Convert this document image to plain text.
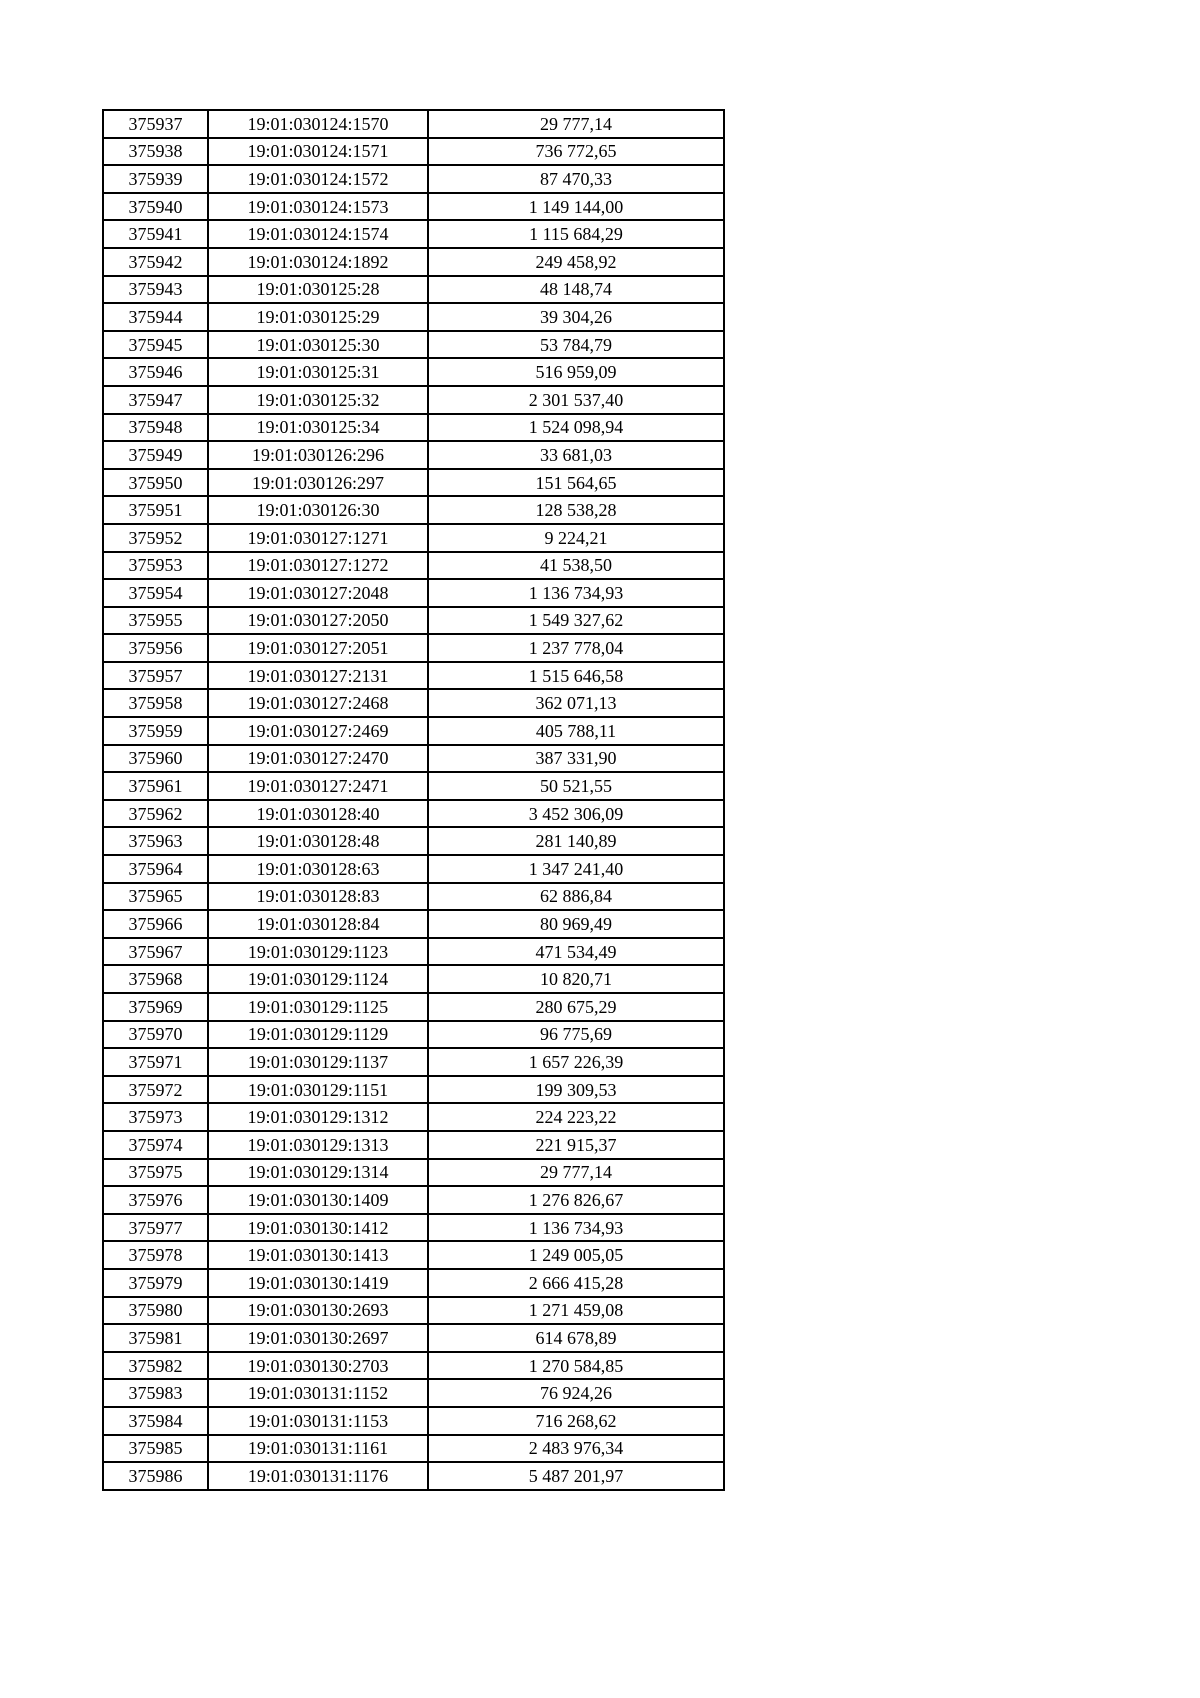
375937	19:01:030124:1570	29 777,14
375938	19:01:030124:1571	736 772,65
375939	19:01:030124:1572	87 470,33
375940	19:01:030124:1573	1 149 144,00
375941	19:01:030124:1574	1 115 684,29
375942	19:01:030124:1892	249 458,92
375943	19:01:030125:28	48 148,74
375944	19:01:030125:29	39 304,26
375945	19:01:030125:30	53 784,79
375946	19:01:030125:31	516 959,09
375947	19:01:030125:32	2 301 537,40
375948	19:01:030125:34	1 524 098,94
375949	19:01:030126:296	33 681,03
375950	19:01:030126:297	151 564,65
375951	19:01:030126:30	128 538,28
375952	19:01:030127:1271	9 224,21
375953	19:01:030127:1272	41 538,50
375954	19:01:030127:2048	1 136 734,93
375955	19:01:030127:2050	1 549 327,62
375956	19:01:030127:2051	1 237 778,04
375957	19:01:030127:2131	1 515 646,58
375958	19:01:030127:2468	362 071,13
375959	19:01:030127:2469	405 788,11
375960	19:01:030127:2470	387 331,90
375961	19:01:030127:2471	50 521,55
375962	19:01:030128:40	3 452 306,09
375963	19:01:030128:48	281 140,89
375964	19:01:030128:63	1 347 241,40
375965	19:01:030128:83	62 886,84
375966	19:01:030128:84	80 969,49
375967	19:01:030129:1123	471 534,49
375968	19:01:030129:1124	10 820,71
375969	19:01:030129:1125	280 675,29
375970	19:01:030129:1129	96 775,69
375971	19:01:030129:1137	1 657 226,39
375972	19:01:030129:1151	199 309,53
375973	19:01:030129:1312	224 223,22
375974	19:01:030129:1313	221 915,37
375975	19:01:030129:1314	29 777,14
375976	19:01:030130:1409	1 276 826,67
375977	19:01:030130:1412	1 136 734,93
375978	19:01:030130:1413	1 249 005,05
375979	19:01:030130:1419	2 666 415,28
375980	19:01:030130:2693	1 271 459,08
375981	19:01:030130:2697	614 678,89
375982	19:01:030130:2703	1 270 584,85
375983	19:01:030131:1152	76 924,26
375984	19:01:030131:1153	716 268,62
375985	19:01:030131:1161	2 483 976,34
375986	19:01:030131:1176	5 487 201,97
